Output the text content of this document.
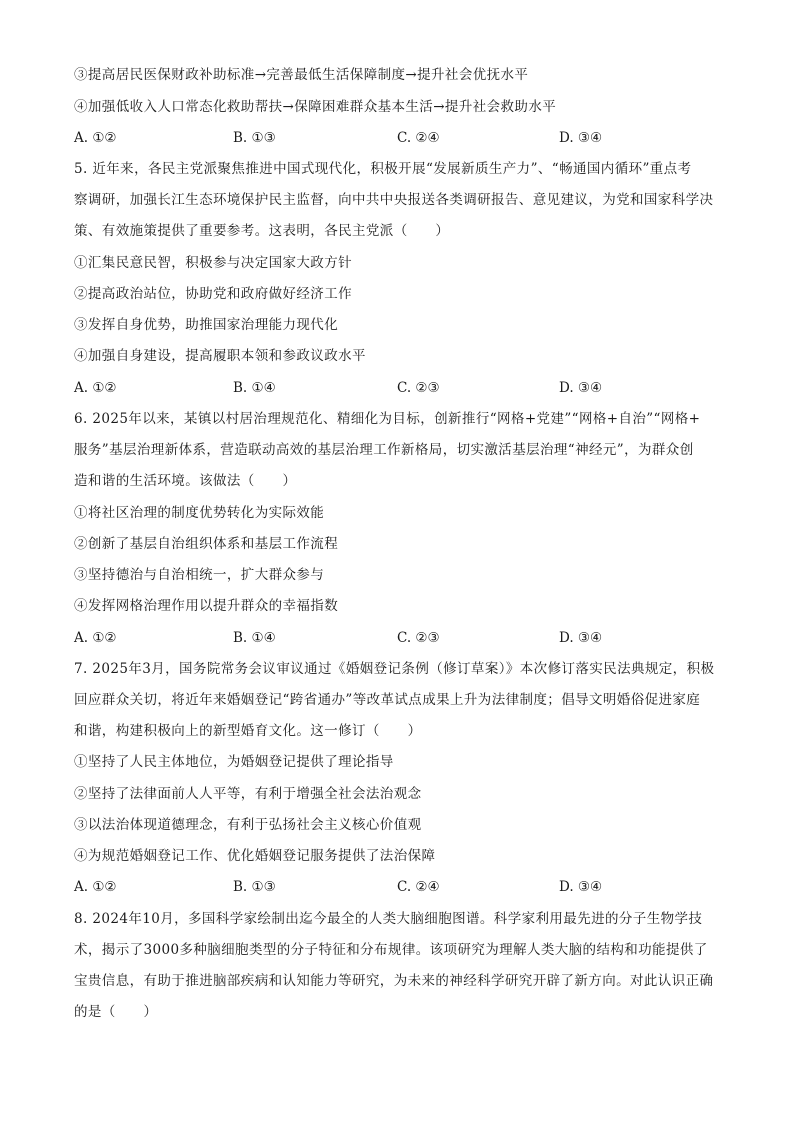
③提高居民医保财政补助标准→完善最低生活保障制度→提升社会优抚水平
④加强低收入人口常态化救助帮扶→保障困难群众基本生活→提升社会救助水平
A. ①②	B. ①③	C. ②④	D. ③④
5. 近年来，各民主党派聚焦推进中国式现代化，积极开展“发展新质生产力”、“畅通国内循环”重点考
察调研，加强长江生态环境保护民主监督，向中共中央报送各类调研报告、意见建议，为党和国家科学决
策、有效施策提供了重要参考。这表明，各民主党派（　　）
①汇集民意民智，积极参与决定国家大政方针
②提高政治站位，协助党和政府做好经济工作
③发挥自身优势，助推国家治理能力现代化
④加强自身建设，提高履职本领和参政议政水平
A. ①②	B. ①④	C. ②③	D. ③④
6. 2025年以来，某镇以村居治理规范化、精细化为目标，创新推行“网格+党建”“网格+自治”“网格+
服务”基层治理新体系，营造联动高效的基层治理工作新格局，切实激活基层治理“神经元”，为群众创
造和谐的生活环境。该做法（　　）
①将社区治理的制度优势转化为实际效能
②创新了基层自治组织体系和基层工作流程
③坚持德治与自治相统一，扩大群众参与
④发挥网格治理作用以提升群众的幸福指数
A. ①②	B. ①④	C. ②③	D. ③④
7. 2025年3月，国务院常务会议审议通过《婚姻登记条例（修订草案）》本次修订落实民法典规定，积极
回应群众关切，将近年来婚姻登记“跨省通办”等改革试点成果上升为法律制度；倡导文明婚俗促进家庭
和谐，构建积极向上的新型婚育文化。这一修订（　　）
①坚持了人民主体地位，为婚姻登记提供了理论指导
②坚持了法律面前人人平等，有利于增强全社会法治观念
③以法治体现道德理念，有利于弘扬社会主义核心价值观
④为规范婚姻登记工作、优化婚姻登记服务提供了法治保障
A. ①②	B. ①③	C. ②④	D. ③④
8. 2024年10月，多国科学家绘制出迄今最全的人类大脑细胞图谱。科学家利用最先进的分子生物学技
术，揭示了3000多种脑细胞类型的分子特征和分布规律。该项研究为理解人类大脑的结构和功能提供了
宝贵信息，有助于推进脑部疾病和认知能力等研究，为未来的神经科学研究开辟了新方向。对此认识正确
的是（　　）
